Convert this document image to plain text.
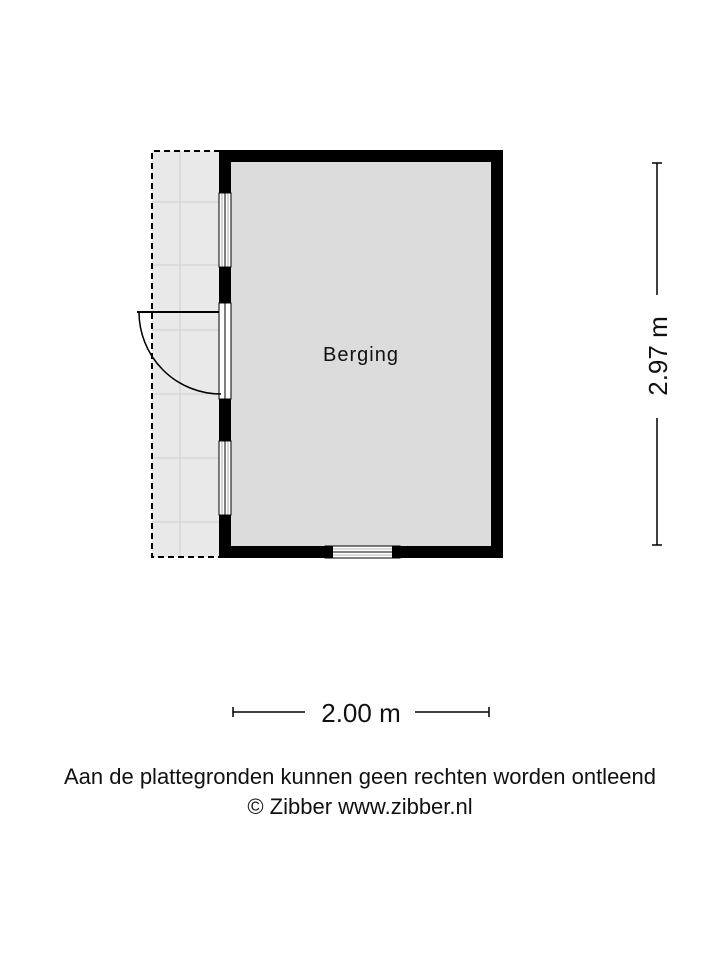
Berging	2.97 m
2.00 m
Aan de plattegronden kunnen geen rechten worden ontleend
© Zibber www.zibber.nl
